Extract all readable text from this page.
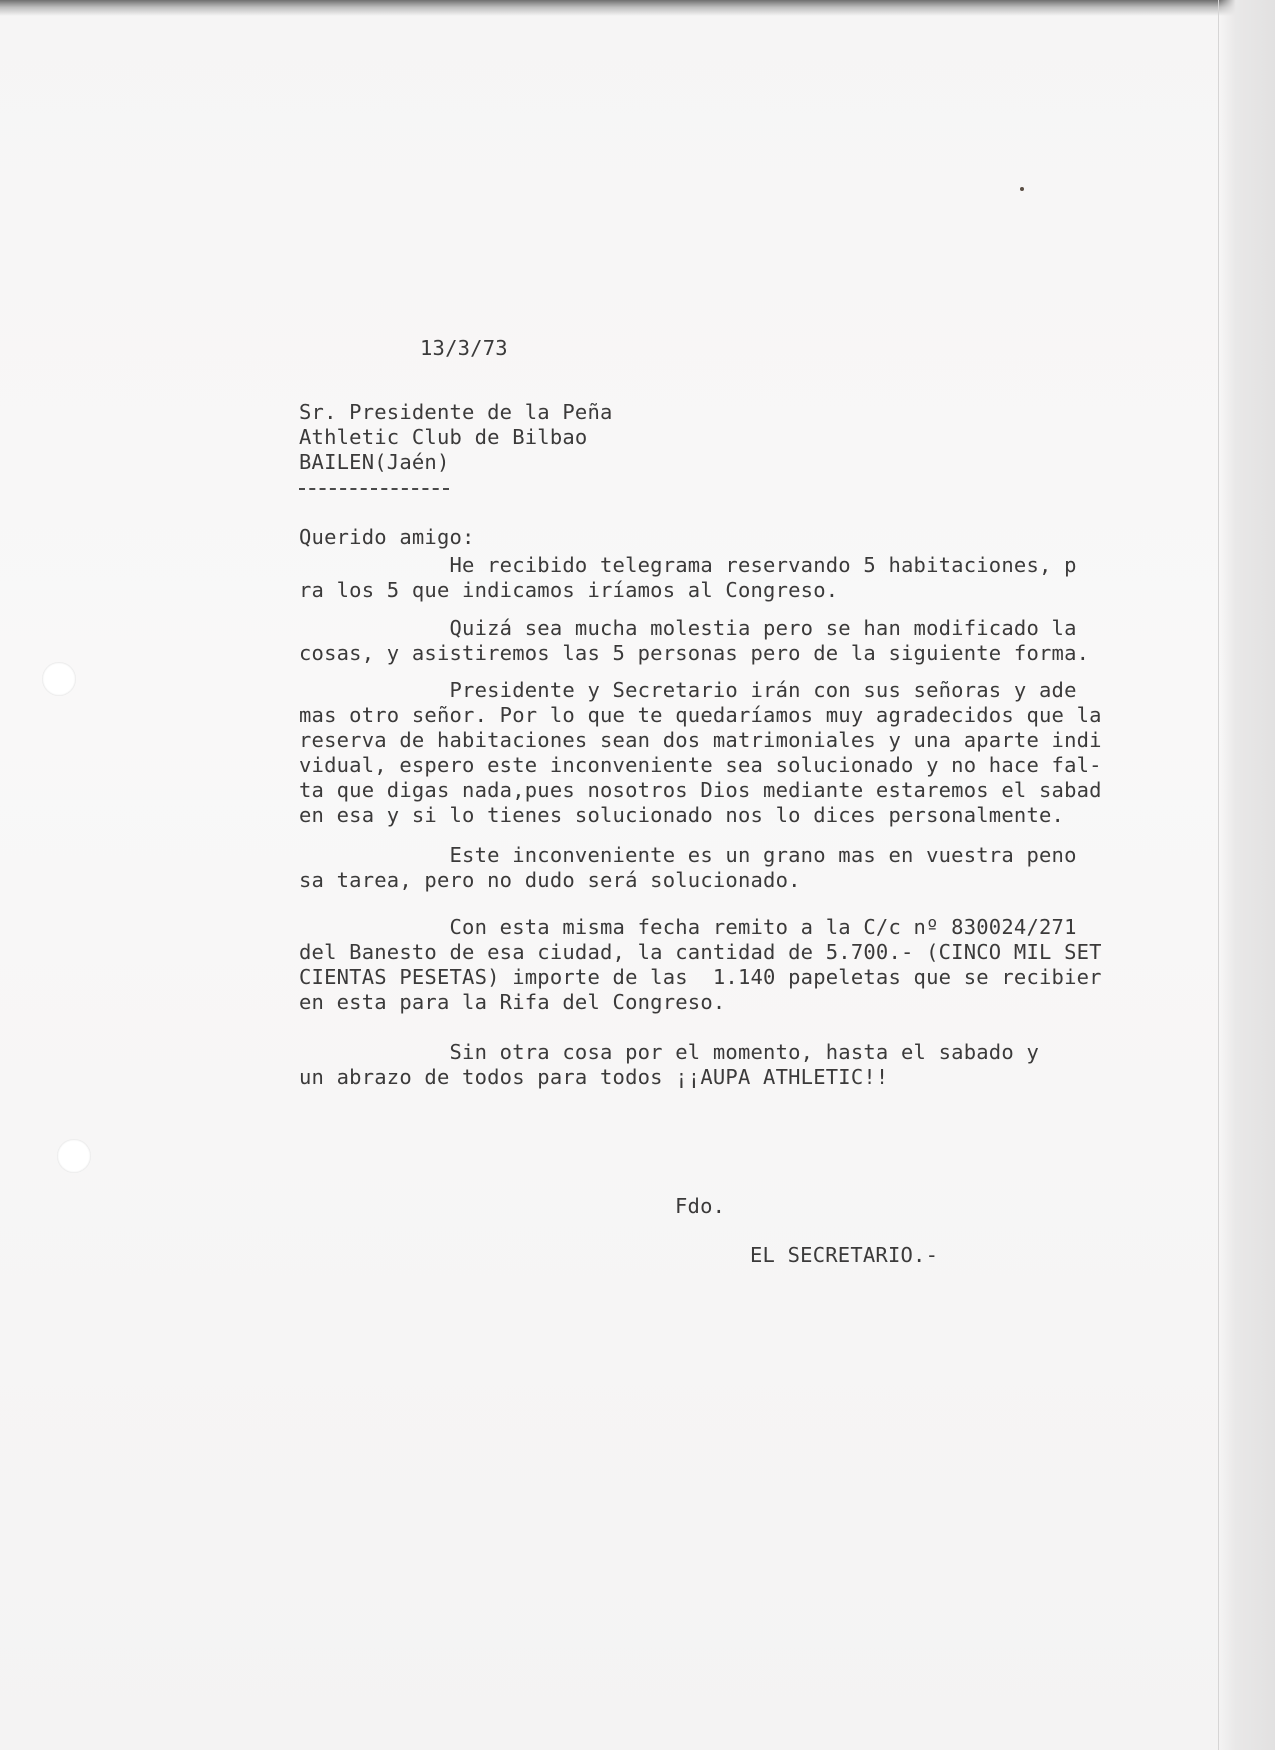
13/3/73

Sr. Presidente de la Peña

Athletic Club de Bilbao

BAILEN(Jaén)

Querido amigo:

He recibido telegrama reservando 5 habitaciones, p
ra los 5 que indicamos iríamos al Congreso.

Quizá sea mucha molestia pero se han modificado la
cosas, y asistiremos las 5 personas pero de la siguiente forma.

Presidente y Secretario irán con sus señoras y ade
mas otro señor. Por lo que te quedaríamos muy agradecidos que la
reserva de habitaciones sean dos matrimoniales y una aparte indi
vidual, espero este inconveniente sea solucionado y no hace fal-
ta que digas nada,pues nosotros Dios mediante estaremos el sabad
en esa y si lo tienes solucionado nos lo dices personalmente.

Este inconveniente es un grano mas en vuestra peno
sa tarea, pero no dudo será solucionado.

Con esta misma fecha remito a la C/c nº 830024/271
del Banesto de esa ciudad, la cantidad de 5.700.- (CINCO MIL SET
CIENTAS PESETAS) importe de las  1.140 papeletas que se recibier
en esta para la Rifa del Congreso.

Sin otra cosa por el momento, hasta el sabado y
un abrazo de todos para todos ¡¡AUPA ATHLETIC!!

Fdo.

EL SECRETARIO.-
